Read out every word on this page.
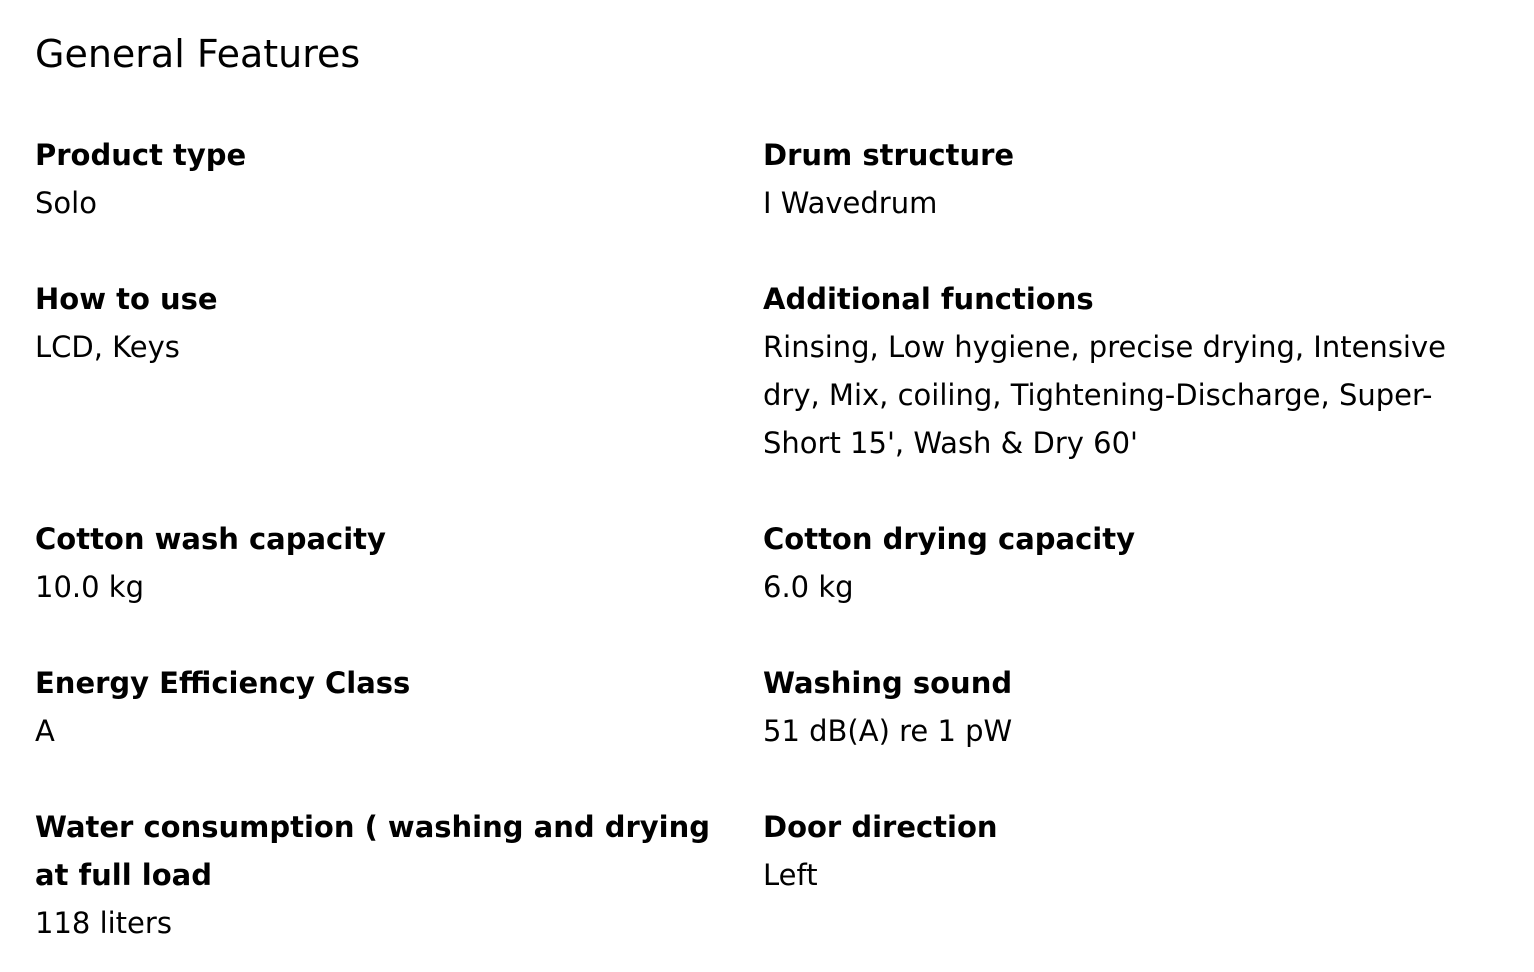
General Features
Product type
Solo
Drum structure
I Wavedrum
How to use
LCD, Keys
Additional functions
Rinsing, Low hygiene, precise drying, Intensive dry, Mix, coiling, Tightening-Discharge, Super-Short 15', Wash & Dry 60'
Cotton wash capacity
10.0 kg
Cotton drying capacity
6.0 kg
Energy Efficiency Class
A
Washing sound
51 dB(A) re 1 pW
Water consumption ( washing and drying at full load
118 liters
Door direction
Left
